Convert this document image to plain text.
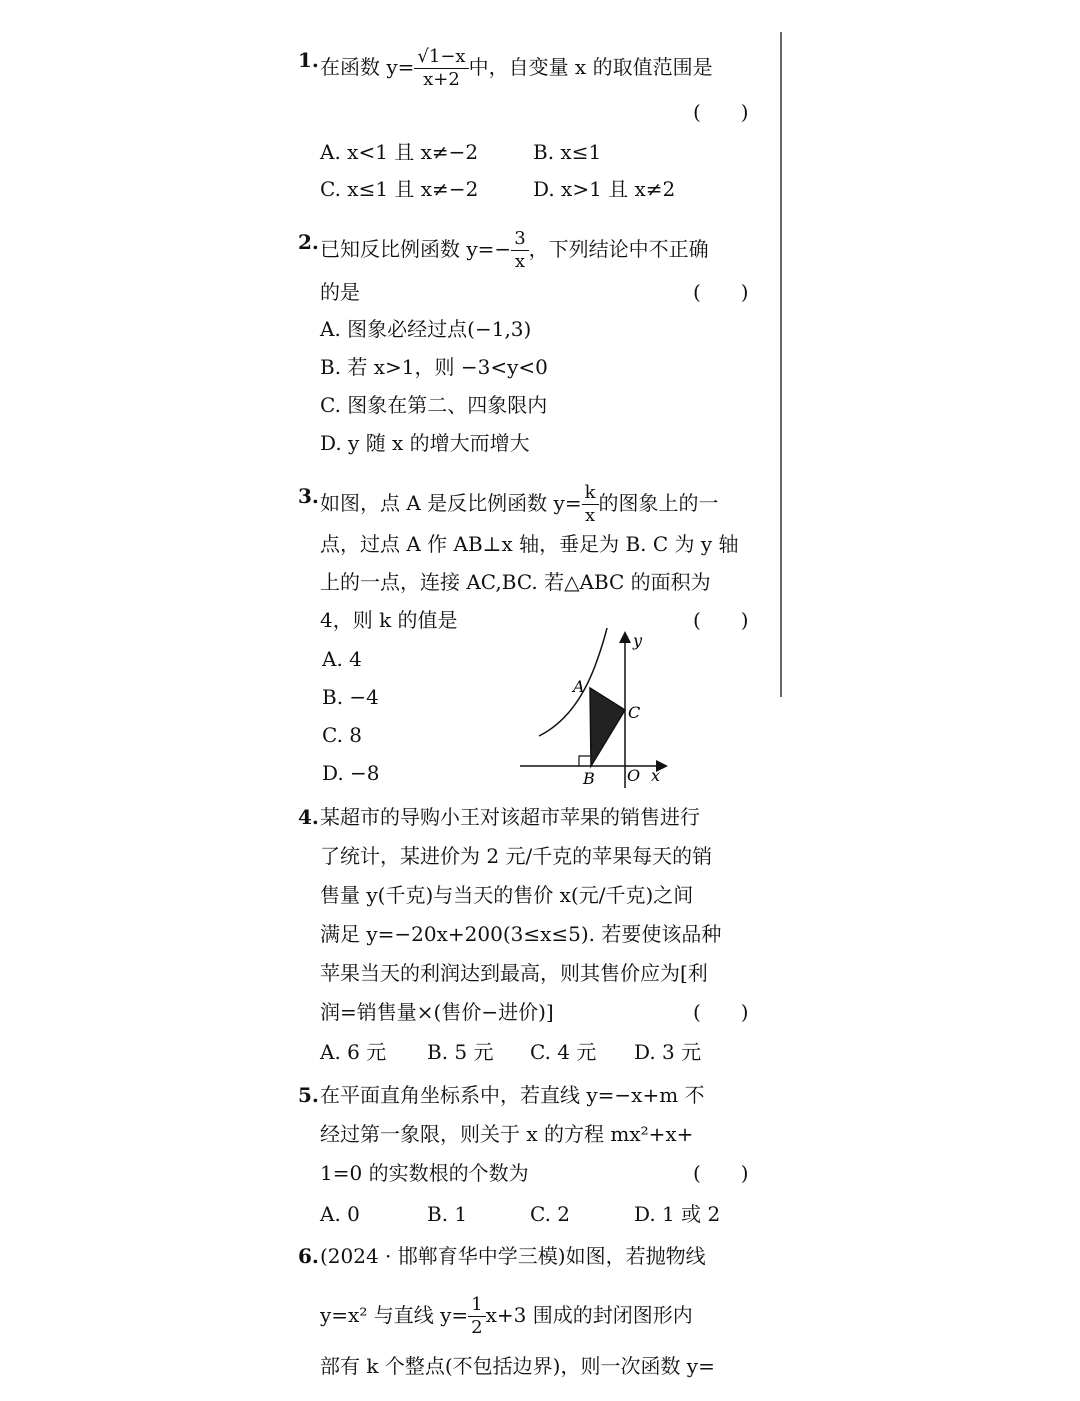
1. 在函数 $y= \frac{√1-x}{x+2}$ 中，自变量 x 的取值范围是
(　　)
A. x<1 且 x≠−2	B. x≤1
C. x≤1 且 x≠−2	D. x>1 且 x≠2
2. 已知反比例函数 $y=- \frac{3}{x}$ ，下列结论中不正确
的是	(　　)
A. 图象必经过点(−1,3)
B. 若 x>1，则 −3<y<0
C. 图象在第二、四象限内
D. y 随 x 的增大而增大
3. 如图，点 A 是反比例函数 $y= \frac{k}{x}$ 的图象上的一
点，过点 A 作 AB⊥x 轴，垂足为 B. C 为 y 轴
上的一点，连接 AC,BC. 若△ABC 的面积为
4，则 k 的值是	(　　)
A. 4
B. −4
C. 8
D. −8
y
A
C
B O x
4. 某超市的导购小王对该超市苹果的销售进行
了统计，某进价为 2 元/千克的苹果每天的销
售量 y(千克)与当天的售价 x(元/千克)之间
满足 y=−20x+200(3≤x≤5). 若要使该品种
苹果当天的利润达到最高，则其售价应为[利
润=销售量×(售价−进价)]	(　　)
A. 6 元 B. 5 元 C. 4 元 D. 3 元
5. 在平面直角坐标系中，若直线 y=−x+m 不
经过第一象限，则关于 x 的方程 mx²+x+
1=0 的实数根的个数为	(　　)
A. 0	B. 1	C. 2	D. 1 或 2
6. (2024 · 邯郸育华中学三模)如图，若抛物线
y=x² 与直线 $y= \frac{1}{2} x+3$ 围成的封闭图形内
部有 k 个整点(不包括边界)，则一次函数 y=
